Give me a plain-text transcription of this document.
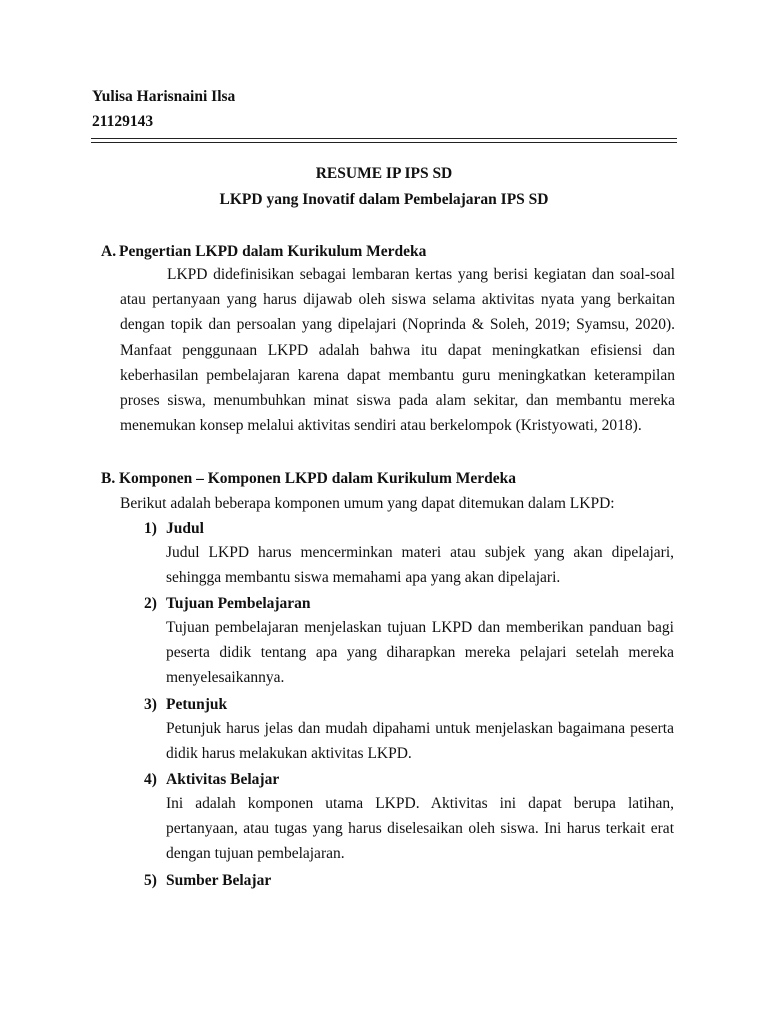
Yulisa Harisnaini Ilsa
21129143
RESUME IP IPS SD
LKPD yang Inovatif dalam Pembelajaran IPS SD
A. Pengertian LKPD dalam Kurikulum Merdeka

LKPD didefinisikan sebagai lembaran kertas yang berisi kegiatan dan soal-soal atau pertanyaan yang harus dijawab oleh siswa selama aktivitas nyata yang berkaitan dengan topik dan persoalan yang dipelajari (Noprinda & Soleh, 2019; Syamsu, 2020). Manfaat penggunaan LKPD adalah bahwa itu dapat meningkatkan efisiensi dan keberhasilan pembelajaran karena dapat membantu guru meningkatkan keterampilan proses siswa, menumbuhkan minat siswa pada alam sekitar, dan membantu mereka menemukan konsep melalui aktivitas sendiri atau berkelompok (Kristyowati, 2018).

B. Komponen – Komponen LKPD dalam Kurikulum Merdeka
Berikut adalah beberapa komponen umum yang dapat ditemukan dalam LKPD:
1) Judul

Judul LKPD harus mencerminkan materi atau subjek yang akan dipelajari, sehingga membantu siswa memahami apa yang akan dipelajari.

2) Tujuan Pembelajaran

Tujuan pembelajaran menjelaskan tujuan LKPD dan memberikan panduan bagi peserta didik tentang apa yang diharapkan mereka pelajari setelah mereka menyelesaikannya.

3) Petunjuk

Petunjuk harus jelas dan mudah dipahami untuk menjelaskan bagaimana peserta didik harus melakukan aktivitas LKPD.

4) Aktivitas Belajar

Ini adalah komponen utama LKPD. Aktivitas ini dapat berupa latihan, pertanyaan, atau tugas yang harus diselesaikan oleh siswa. Ini harus terkait erat dengan tujuan pembelajaran.

5) Sumber Belajar
